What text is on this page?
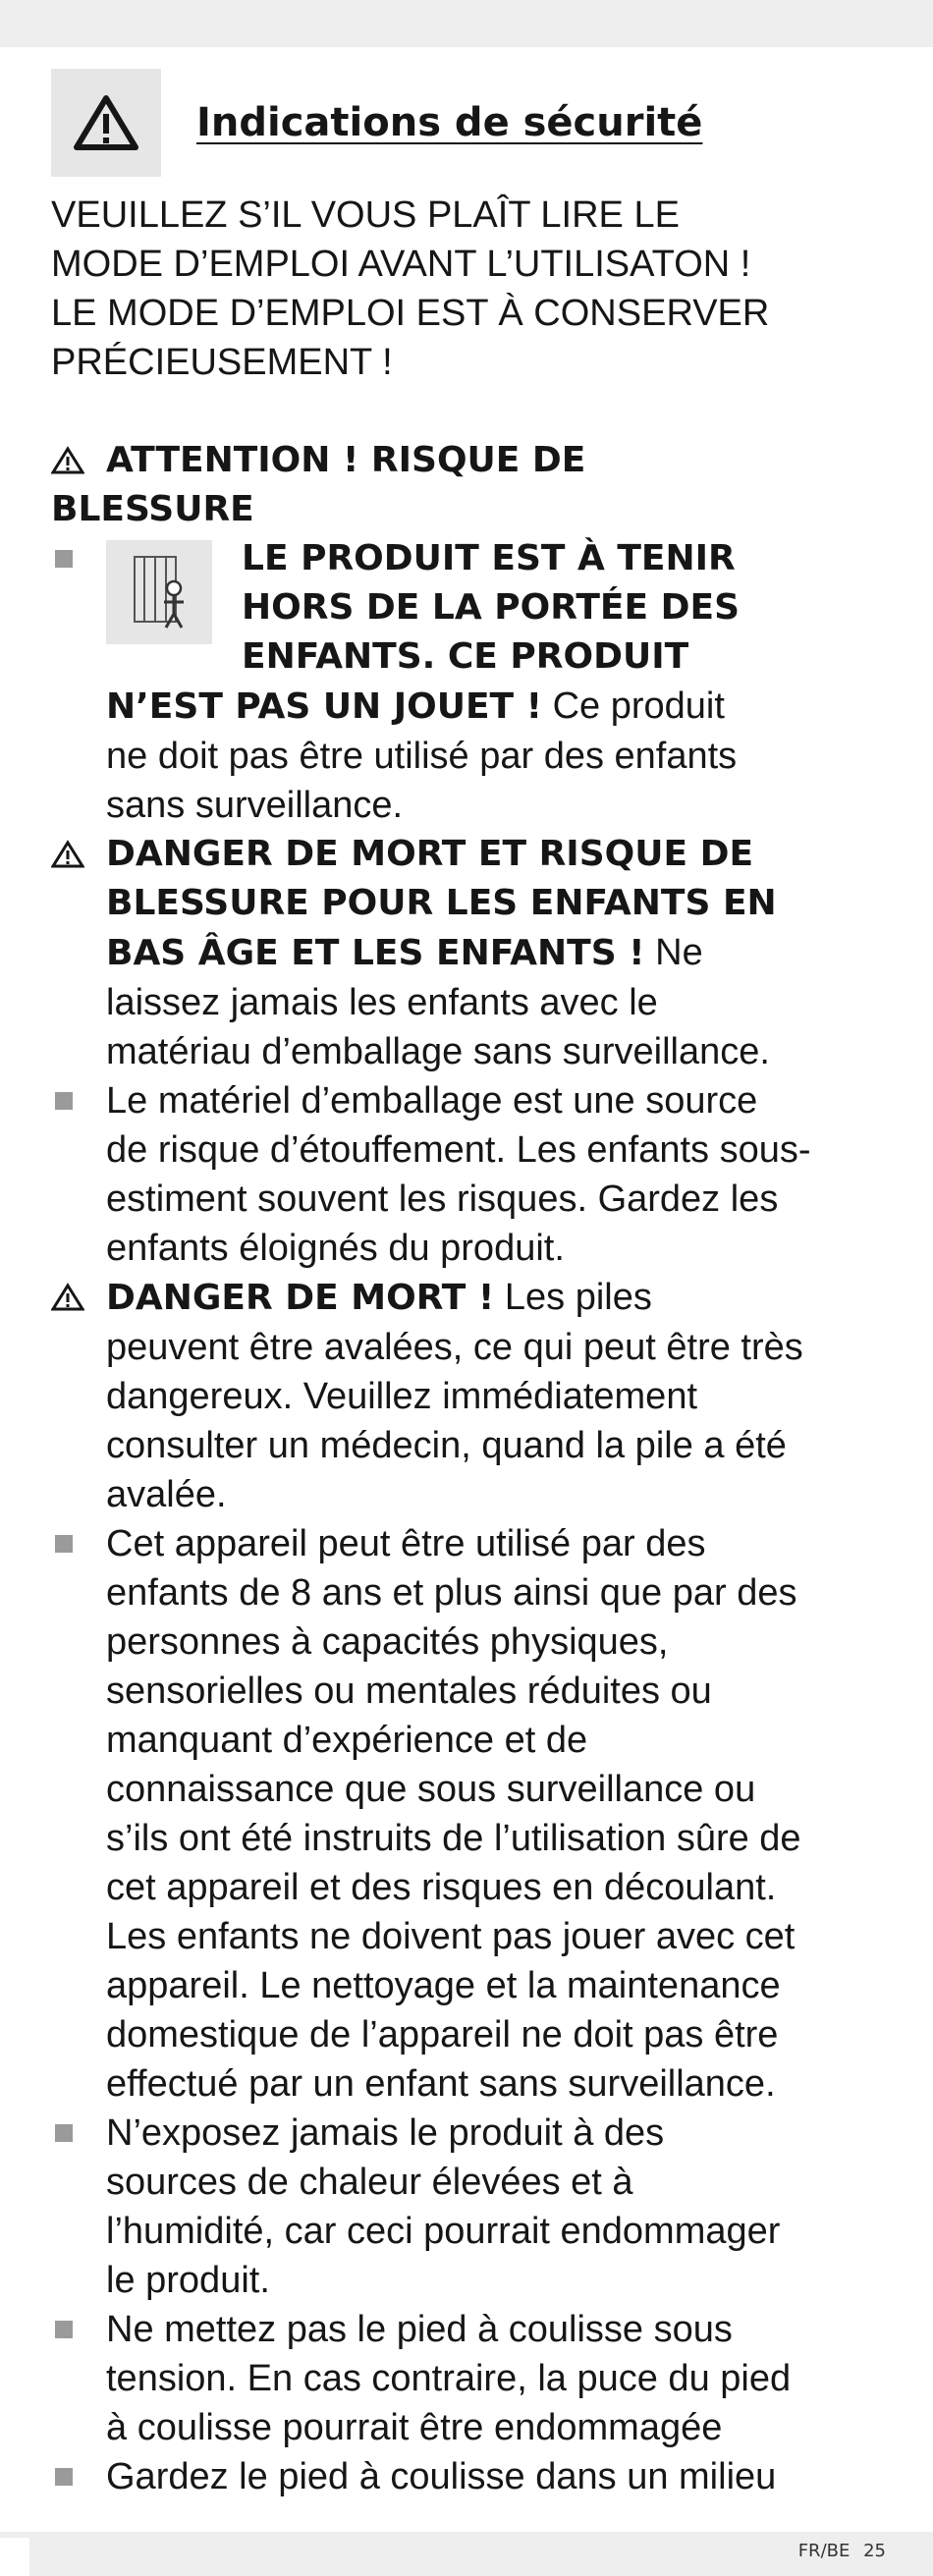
Indications de sécurité
VEUILLEZ S’IL VOUS PLAÎT LIRE LE
MODE D’EMPLOI AVANT L’UTILISATON !
LE MODE D’EMPLOI EST À CONSERVER
PRÉCIEUSEMENT !
ATTENTION ! RISQUE DE
BLESSURE
LE PRODUIT EST À TENIR
HORS DE LA PORTÉE DES
ENFANTS. CE PRODUIT
N’EST PAS UN JOUET ! Ce produit
ne doit pas être utilisé par des enfants
sans surveillance.
DANGER DE MORT ET RISQUE DE
BLESSURE POUR LES ENFANTS EN
BAS ÂGE ET LES ENFANTS ! Ne
laissez jamais les enfants avec le
matériau d’emballage sans surveillance.
Le matériel d’emballage est une source
de risque d’étouffement. Les enfants sous-
estiment souvent les risques. Gardez les
enfants éloignés du produit.
DANGER DE MORT ! Les piles
peuvent être avalées, ce qui peut être très
dangereux. Veuillez immédiatement
consulter un médecin, quand la pile a été
avalée.
Cet appareil peut être utilisé par des
enfants de 8 ans et plus ainsi que par des
personnes à capacités physiques,
sensorielles ou mentales réduites ou
manquant d’expérience et de
connaissance que sous surveillance ou
s’ils ont été instruits de l’utilisation sûre de
cet appareil et des risques en découlant.
Les enfants ne doivent pas jouer avec cet
appareil. Le nettoyage et la maintenance
domestique de l’appareil ne doit pas être
effectué par un enfant sans surveillance.
N’exposez jamais le produit à des
sources de chaleur élevées et à
l’humidité, car ceci pourrait endommager
le produit.
Ne mettez pas le pied à coulisse sous
tension. En cas contraire, la puce du pied
à coulisse pourrait être endommagée
Gardez le pied à coulisse dans un milieu
FR/BE 25
